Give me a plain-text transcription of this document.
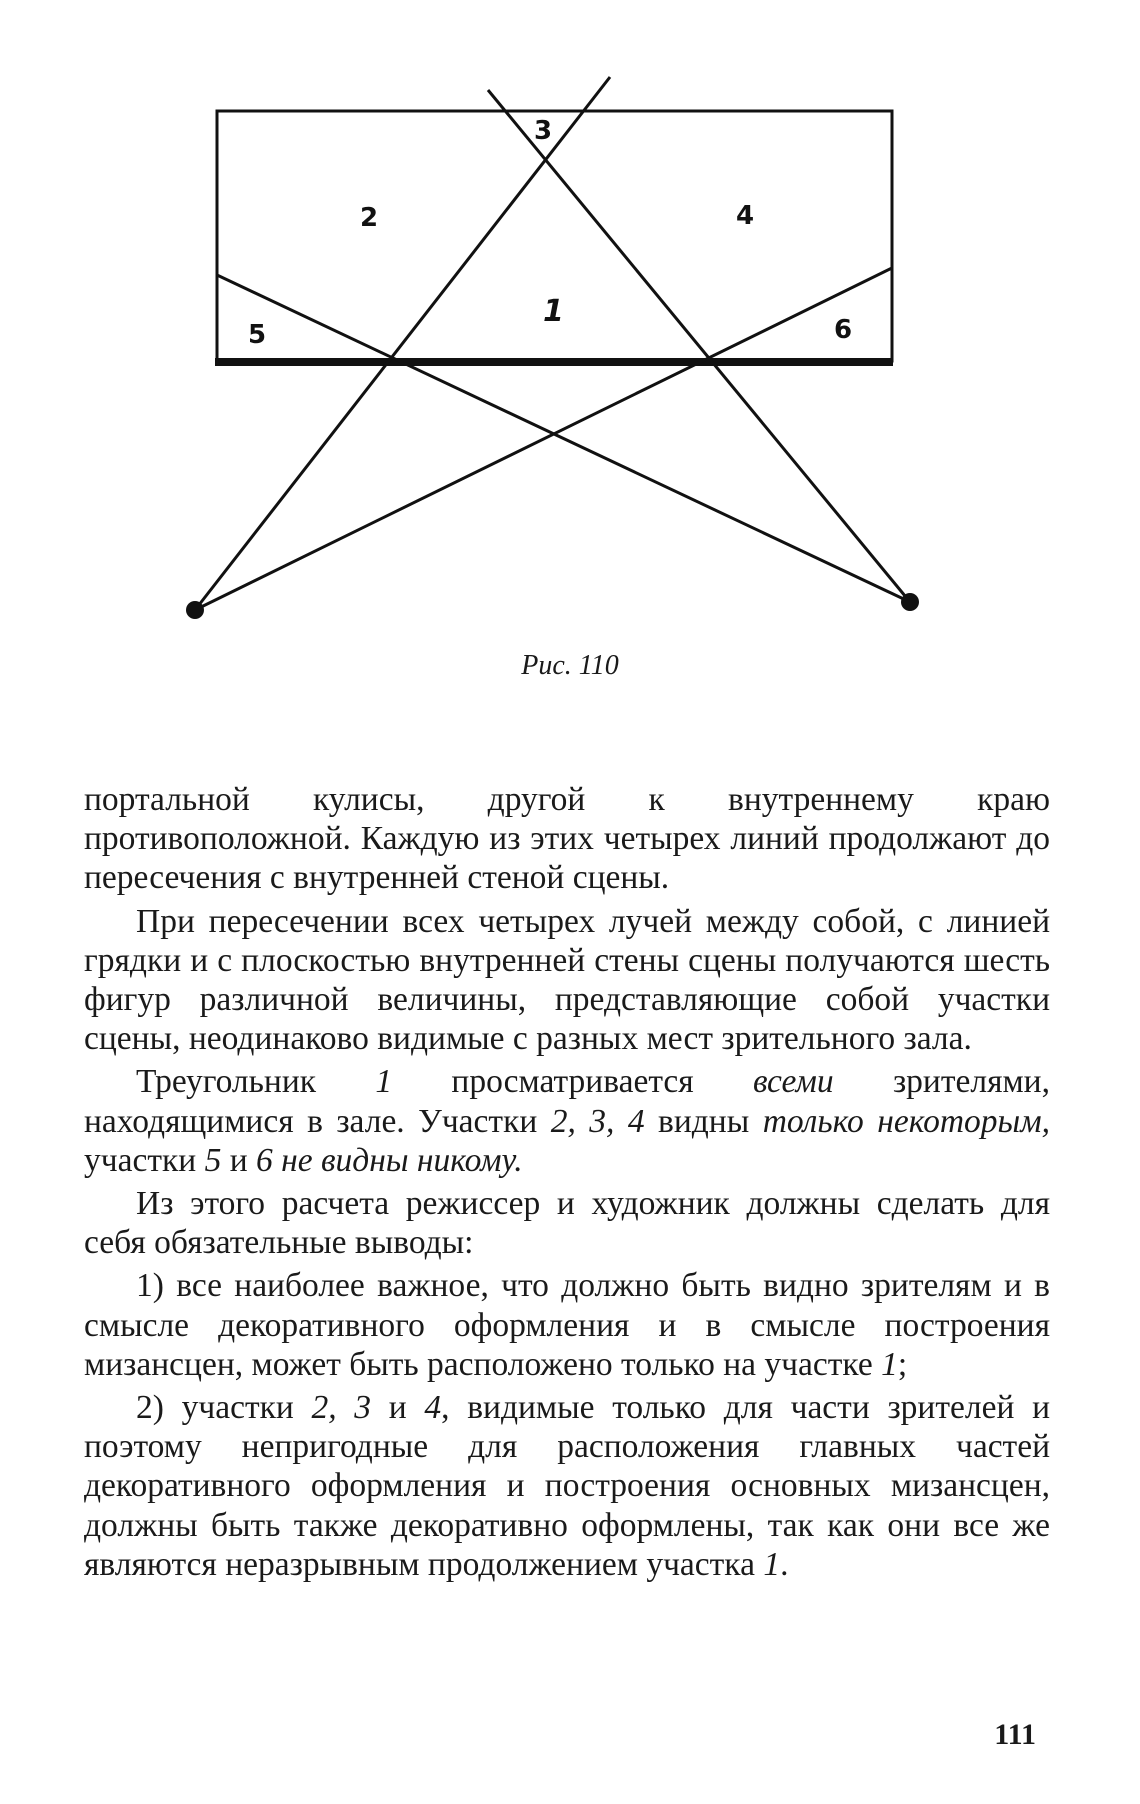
3
2	4
1
5	6
Рис. 110

портальной кулисы, другой к внутреннему краю противоположной. Каждую из этих четырех линий продолжают до пересечения с внутренней стеной сцены.

При пересечении всех четырех лучей между собой, с линией грядки и с плоскостью внутренней стены сцены получаются шесть фигур различной величины, представляющие собой участки сцены, неодинаково видимые с разных мест зрительного зала.

Треугольник 1 просматривается всеми зрителями, находящимися в зале. Участки 2, 3, 4 видны только некоторым, участки 5 и 6 не видны никому.

Из этого расчета режиссер и художник должны сделать для себя обязательные выводы:

1) все наиболее важное, что должно быть видно зрителям и в смысле декоративного оформления и в смысле построения мизансцен, может быть расположено только на участке 1;

2) участки 2, 3 и 4, видимые только для части зрителей и поэтому непригодные для расположения главных частей декоративного оформления и построения основных мизансцен, должны быть также декоративно оформлены, так как они все же являются неразрывным продолжением участка 1.

111
